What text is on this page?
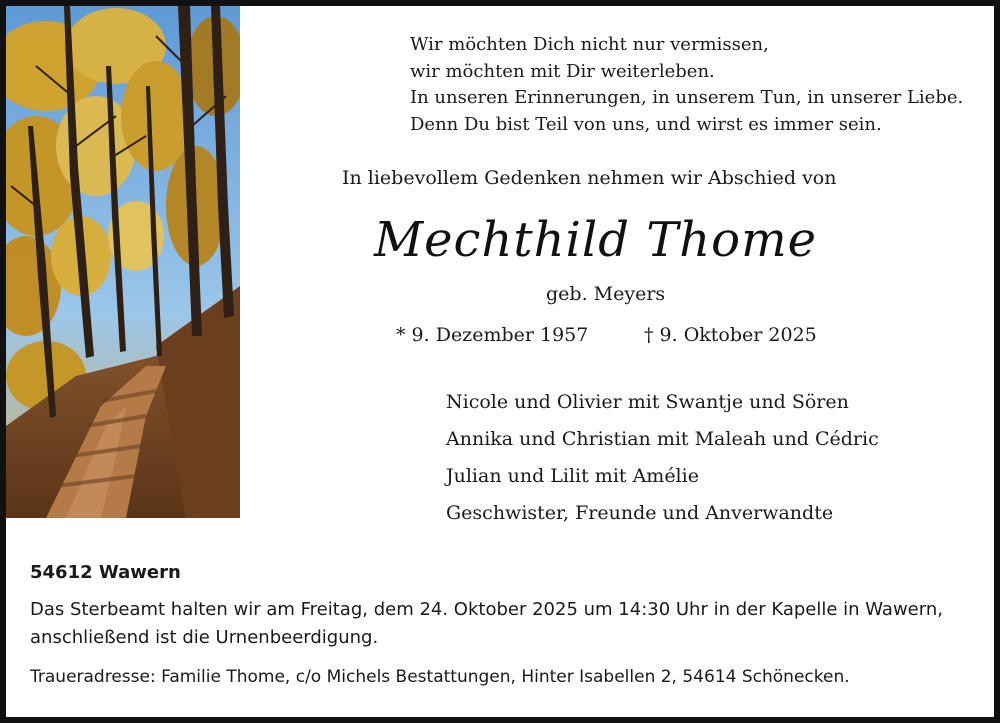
Wir möchten Dich nicht nur vermissen,
wir möchten mit Dir weiterleben.
In unseren Erinnerungen, in unserem Tun, in unserer Liebe.
Denn Du bist Teil von uns, und wirst es immer sein.
In liebevollem Gedenken nehmen wir Abschied von
Mechthild Thome
geb. Meyers
* 9. Dezember 1957	† 9. Oktober 2025
Nicole und Olivier mit Swantje und Sören
Annika und Christian mit Maleah und Cédric
Julian und Lilit mit Amélie
Geschwister, Freunde und Anverwandte
54612 Wawern
Das Sterbeamt halten wir am Freitag, dem 24. Oktober 2025 um 14:30 Uhr in der Kapelle in Wawern, anschließend ist die Urnenbeerdigung.
Traueradresse: Familie Thome, c/o Michels Bestattungen, Hinter Isabellen 2, 54614 Schönecken.
